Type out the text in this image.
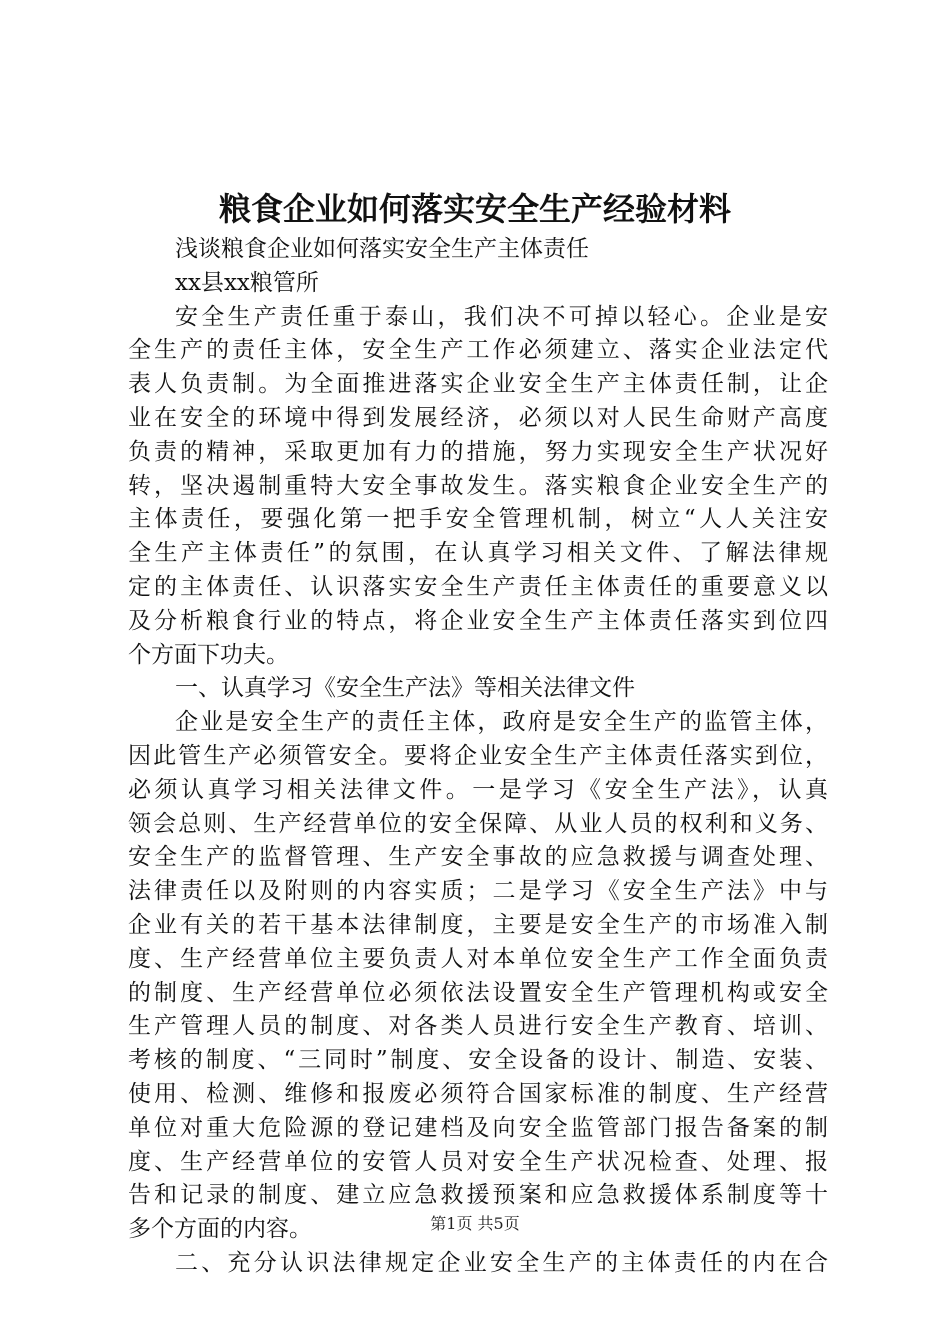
粮食企业如何落实安全生产经验材料
浅谈粮食企业如何落实安全生产主体责任
xx县xx粮管所
安全生产责任重于泰山，我们决不可掉以轻心。企业是安
全生产的责任主体，安全生产工作必须建立、落实企业法定代
表人负责制。为全面推进落实企业安全生产主体责任制，让企
业在安全的环境中得到发展经济，必须以对人民生命财产高度
负责的精神，采取更加有力的措施，努力实现安全生产状况好
转，坚决遏制重特大安全事故发生。落实粮食企业安全生产的
主体责任，要强化第一把手安全管理机制，树立“人人关注安
全生产主体责任”的氛围，在认真学习相关文件、了解法律规
定的主体责任、认识落实安全生产责任主体责任的重要意义以
及分析粮食行业的特点，将企业安全生产主体责任落实到位四
个方面下功夫。
一、认真学习《安全生产法》等相关法律文件
企业是安全生产的责任主体，政府是安全生产的监管主体，
因此管生产必须管安全。要将企业安全生产主体责任落实到位，
必须认真学习相关法律文件。一是学习《安全生产法》，认真
领会总则、生产经营单位的安全保障、从业人员的权利和义务、
安全生产的监督管理、生产安全事故的应急救援与调查处理、
法律责任以及附则的内容实质；二是学习《安全生产法》中与
企业有关的若干基本法律制度，主要是安全生产的市场准入制
度、生产经营单位主要负责人对本单位安全生产工作全面负责
的制度、生产经营单位必须依法设置安全生产管理机构或安全
生产管理人员的制度、对各类人员进行安全生产教育、培训、
考核的制度、“三同时”制度、安全设备的设计、制造、安装、
使用、检测、维修和报废必须符合国家标准的制度、生产经营
单位对重大危险源的登记建档及向安全监管部门报告备案的制
度、生产经营单位的安管人员对安全生产状况检查、处理、报
告和记录的制度、建立应急救援预案和应急救援体系制度等十
多个方面的内容。
二、充分认识法律规定企业安全生产的主体责任的内在合
第1页 共5页
